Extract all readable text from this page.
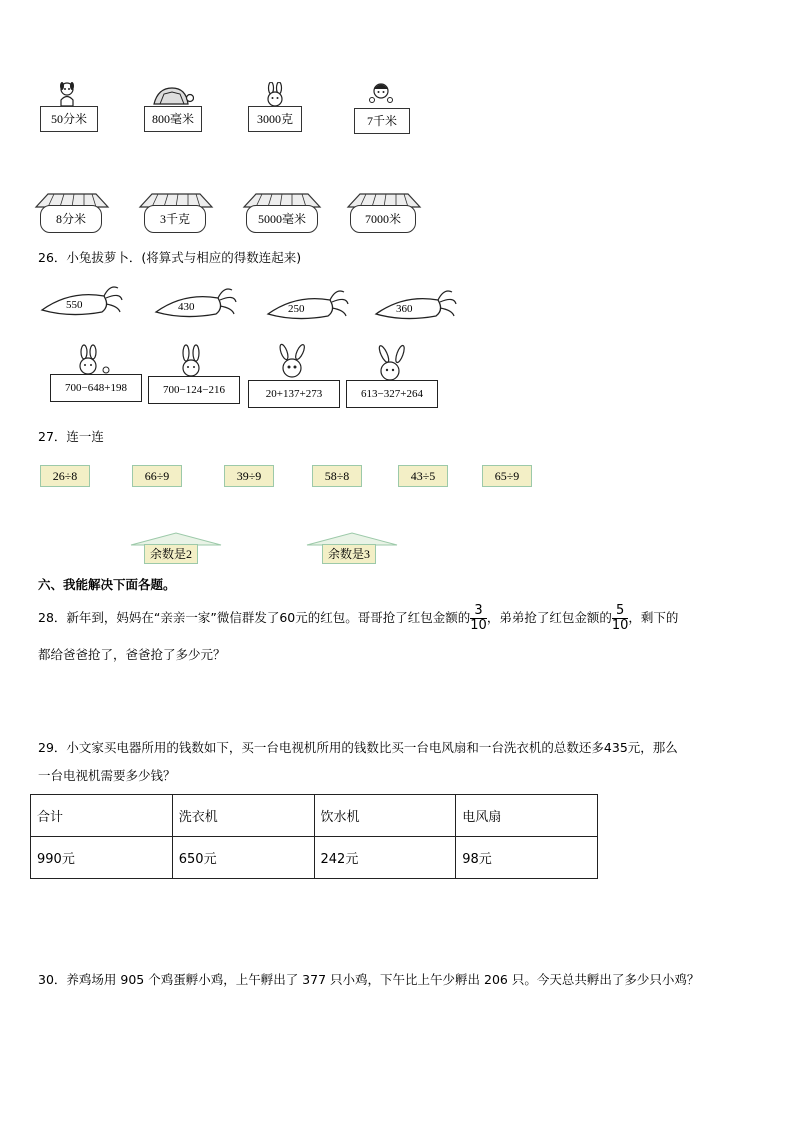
50分米	800毫米	3000克	7千米
8分米	3千克	5000毫米	7000米
26．小兔拔萝卜．(将算式与相应的得数连起来)
550	430	250	360
700−648+198	700−124−216	20+137+273	613−327+264
27．连一连
26÷8	66÷9	39÷9	58÷8	43÷5	65÷9
余数是2	余数是3
六、我能解决下面各题。
28．新年到，妈妈在“亲亲一家”微信群发了60元的红包。哥哥抢了红包金额的 $\frac{3}{10}$ ，弟弟抢了红包金额的 $\frac{5}{10}$ ，剩下的
都给爸爸抢了，爸爸抢了多少元？
29．小文家买电器所用的钱数如下，买一台电视机所用的钱数比买一台电风扇和一台洗衣机的总数还多435元，那么
一台电视机需要多少钱？
合计	洗衣机	饮水机	电风扇
990元	650元	242元	98元
30．养鸡场用 905 个鸡蛋孵小鸡，上午孵出了 377 只小鸡，下午比上午少孵出 206 只。今天总共孵出了多少只小鸡？
